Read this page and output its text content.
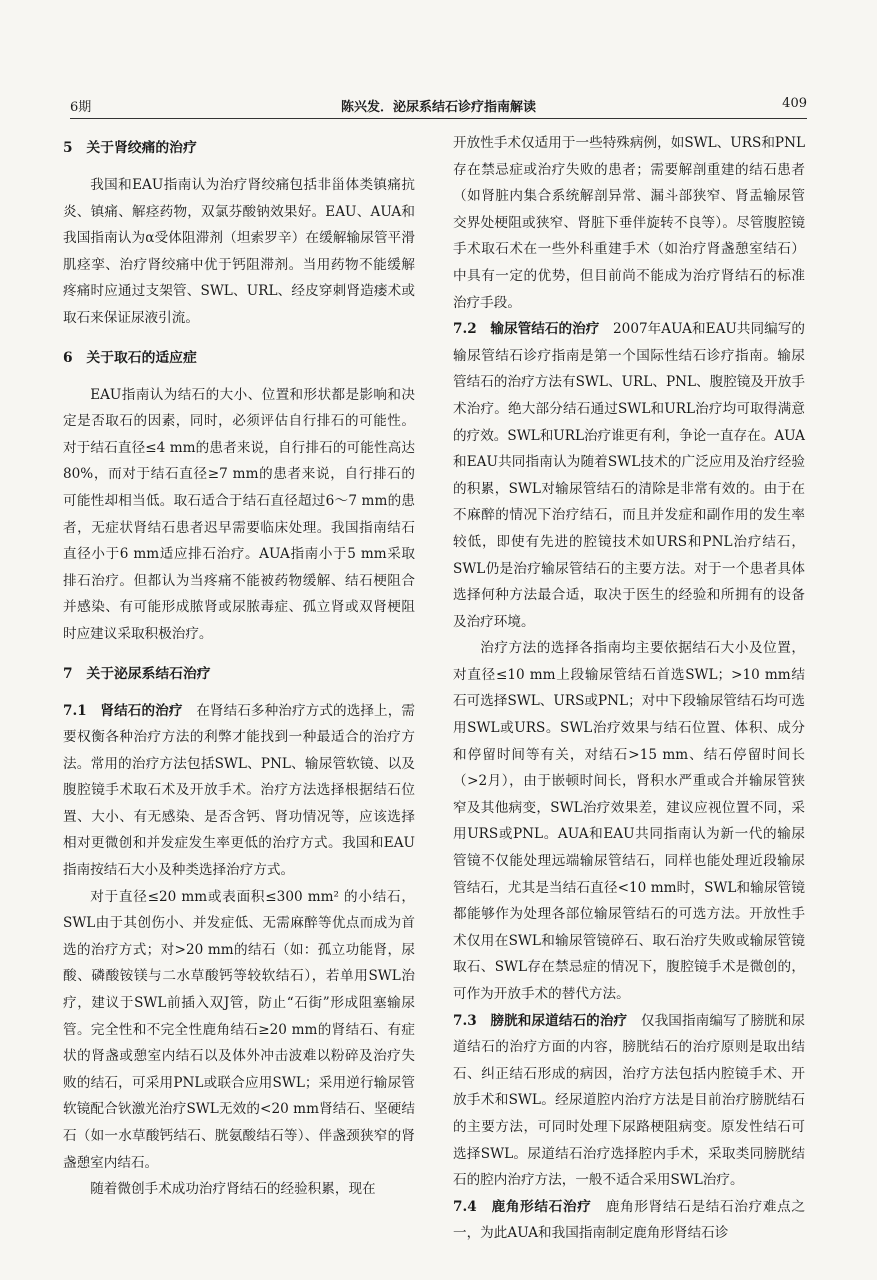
6期	陈兴发．泌尿系结石诊疗指南解读	409
5　关于肾绞痛的治疗

我国和EAU指南认为治疗肾绞痛包括非甾体类镇痛抗炎、镇痛、解痉药物，双氯芬酸钠效果好。EAU、AUA和我国指南认为α受体阻滞剂（坦索罗辛）在缓解输尿管平滑肌痉挛、治疗肾绞痛中优于钙阻滞剂。当用药物不能缓解疼痛时应通过支架管、SWL、URL、经皮穿刺肾造瘘术或取石来保证尿液引流。

6　关于取石的适应症

EAU指南认为结石的大小、位置和形状都是影响和决定是否取石的因素，同时，必须评估自行排石的可能性。对于结石直径≤4 mm的患者来说，自行排石的可能性高达80%，而对于结石直径≥7 mm的患者来说，自行排石的可能性却相当低。取石适合于结石直径超过6～7 mm的患者，无症状肾结石患者迟早需要临床处理。我国指南结石直径小于6 mm适应排石治疗。AUA指南小于5 mm采取排石治疗。但都认为当疼痛不能被药物缓解、结石梗阻合并感染、有可能形成脓肾或尿脓毒症、孤立肾或双肾梗阻时应建议采取积极治疗。

7　关于泌尿系结石治疗

7.1　肾结石的治疗　 在肾结石多种治疗方式的选择上，需要权衡各种治疗方法的利弊才能找到一种最适合的治疗方法。常用的治疗方法包括SWL、PNL、输尿管软镜、以及腹腔镜手术取石术及开放手术。治疗方法选择根据结石位置、大小、有无感染、是否含钙、肾功情况等，应该选择相对更微创和并发症发生率更低的治疗方式。我国和EAU指南按结石大小及种类选择治疗方式。

对于直径≤20 mm或表面积≤300 mm² 的小结石，SWL由于其创伤小、并发症低、无需麻醉等优点而成为首选的治疗方式；对>20 mm的结石（如：孤立功能肾，尿酸、磷酸铵镁与二水草酸钙等较软结石），若单用SWL治疗，建议于SWL前插入双J管，防止“石街”形成阻塞输尿管。完全性和不完全性鹿角结石≥20 mm的肾结石、有症状的肾盏或憩室内结石以及体外冲击波难以粉碎及治疗失败的结石，可采用PNL或联合应用SWL；采用逆行输尿管软镜配合钬激光治疗SWL无效的<20 mm肾结石、坚硬结石（如一水草酸钙结石、胱氨酸结石等）、伴盏颈狭窄的肾盏憩室内结石。

随着微创手术成功治疗肾结石的经验积累，现在

开放性手术仅适用于一些特殊病例，如SWL、URS和PNL存在禁忌症或治疗失败的患者；需要解剖重建的结石患者（如肾脏内集合系统解剖异常、漏斗部狭窄、肾盂输尿管交界处梗阻或狭窄、肾脏下垂伴旋转不良等）。尽管腹腔镜手术取石术在一些外科重建手术（如治疗肾盏憩室结石）中具有一定的优势，但目前尚不能成为治疗肾结石的标准治疗手段。

7.2　输尿管结石的治疗　 2007年AUA和EAU共同编写的输尿管结石诊疗指南是第一个国际性结石诊疗指南。输尿管结石的治疗方法有SWL、URL、PNL、腹腔镜及开放手术治疗。绝大部分结石通过SWL和URL治疗均可取得满意的疗效。SWL和URL治疗谁更有利，争论一直存在。AUA和EAU共同指南认为随着SWL技术的广泛应用及治疗经验的积累，SWL对输尿管结石的清除是非常有效的。由于在不麻醉的情况下治疗结石，而且并发症和副作用的发生率较低，即使有先进的腔镜技术如URS和PNL治疗结石，SWL仍是治疗输尿管结石的主要方法。对于一个患者具体选择何种方法最合适，取决于医生的经验和所拥有的设备及治疗环境。

治疗方法的选择各指南均主要依据结石大小及位置，对直径≤10 mm上段输尿管结石首选SWL；>10 mm结石可选择SWL、URS或PNL；对中下段输尿管结石均可选用SWL或URS。SWL治疗效果与结石位置、体积、成分和停留时间等有关，对结石>15 mm、结石停留时间长（>2月），由于嵌顿时间长，肾积水严重或合并输尿管狭窄及其他病变，SWL治疗效果差，建议应视位置不同，采用URS或PNL。AUA和EAU共同指南认为新一代的输尿管镜不仅能处理远端输尿管结石，同样也能处理近段输尿管结石，尤其是当结石直径<10 mm时，SWL和输尿管镜都能够作为处理各部位输尿管结石的可选方法。开放性手术仅用在SWL和输尿管镜碎石、取石治疗失败或输尿管镜取石、SWL存在禁忌症的情况下，腹腔镜手术是微创的，可作为开放手术的替代方法。

7.3　膀胱和尿道结石的治疗　 仅我国指南编写了膀胱和尿道结石的治疗方面的内容，膀胱结石的治疗原则是取出结石、纠正结石形成的病因，治疗方法包括内腔镜手术、开放手术和SWL。经尿道腔内治疗方法是目前治疗膀胱结石的主要方法，可同时处理下尿路梗阻病变。原发性结石可选择SWL。尿道结石治疗选择腔内手术，采取类同膀胱结石的腔内治疗方法，一般不适合采用SWL治疗。

7.4　鹿角形结石治疗　 鹿角形肾结石是结石治疗难点之一，为此AUA和我国指南制定鹿角形肾结石诊
